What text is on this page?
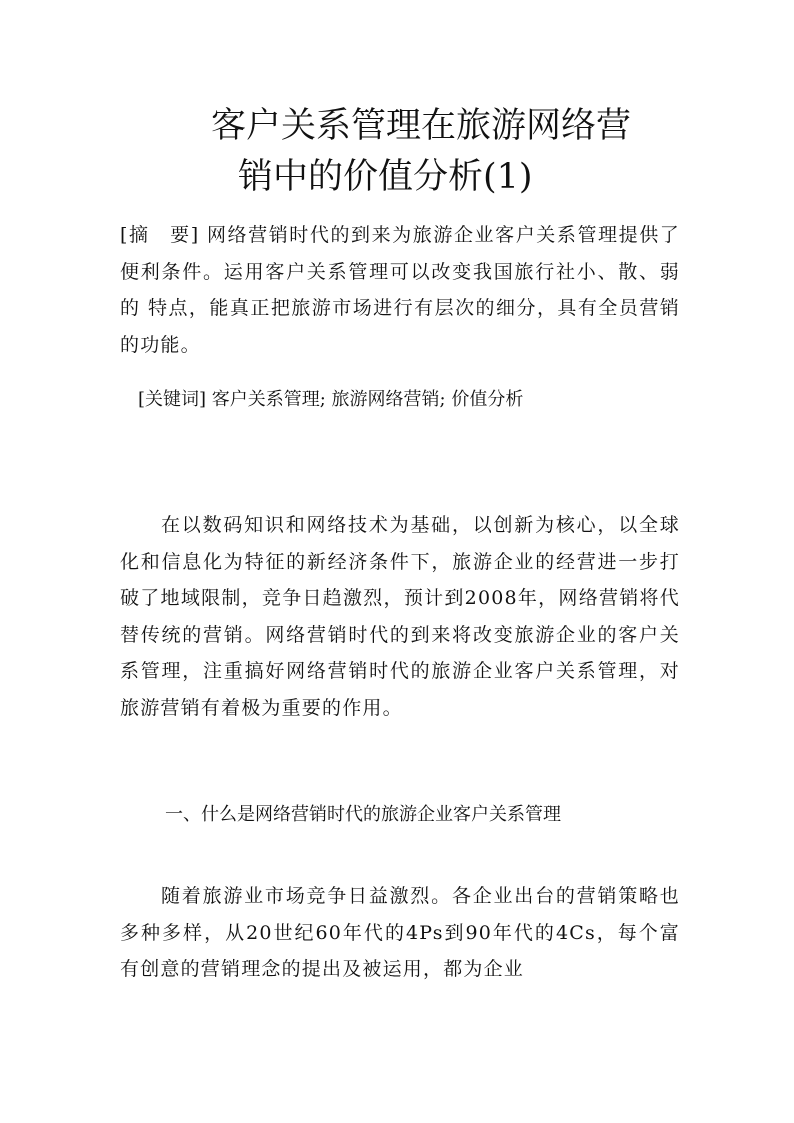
客户关系管理在旅游网络营
销中的价值分析(1)

[摘　要] 网络营销时代的到来为旅游企业客户关系管理提供了便利条件。运用客户关系管理可以改变我国旅行社小、散、弱的 特点，能真正把旅游市场进行有层次的细分，具有全员营销的功能。

[关键词] 客户关系管理; 旅游网络营销; 价值分析

在以数码知识和网络技术为基础，以创新为核心，以全球化和信息化为特征的新经济条件下，旅游企业的经营进一步打破了地域限制，竞争日趋激烈，预计到2008年，网络营销将代替传统的营销。网络营销时代的到来将改变旅游企业的客户关系管理，注重搞好网络营销时代的旅游企业客户关系管理，对旅游营销有着极为重要的作用。

一、什么是网络营销时代的旅游企业客户关系管理

随着旅游业市场竞争日益激烈。各企业出台的营销策略也多种多样，从20世纪60年代的4Ps到90年代的4Cs，每个富有创意的营销理念的提出及被运用，都为企业
